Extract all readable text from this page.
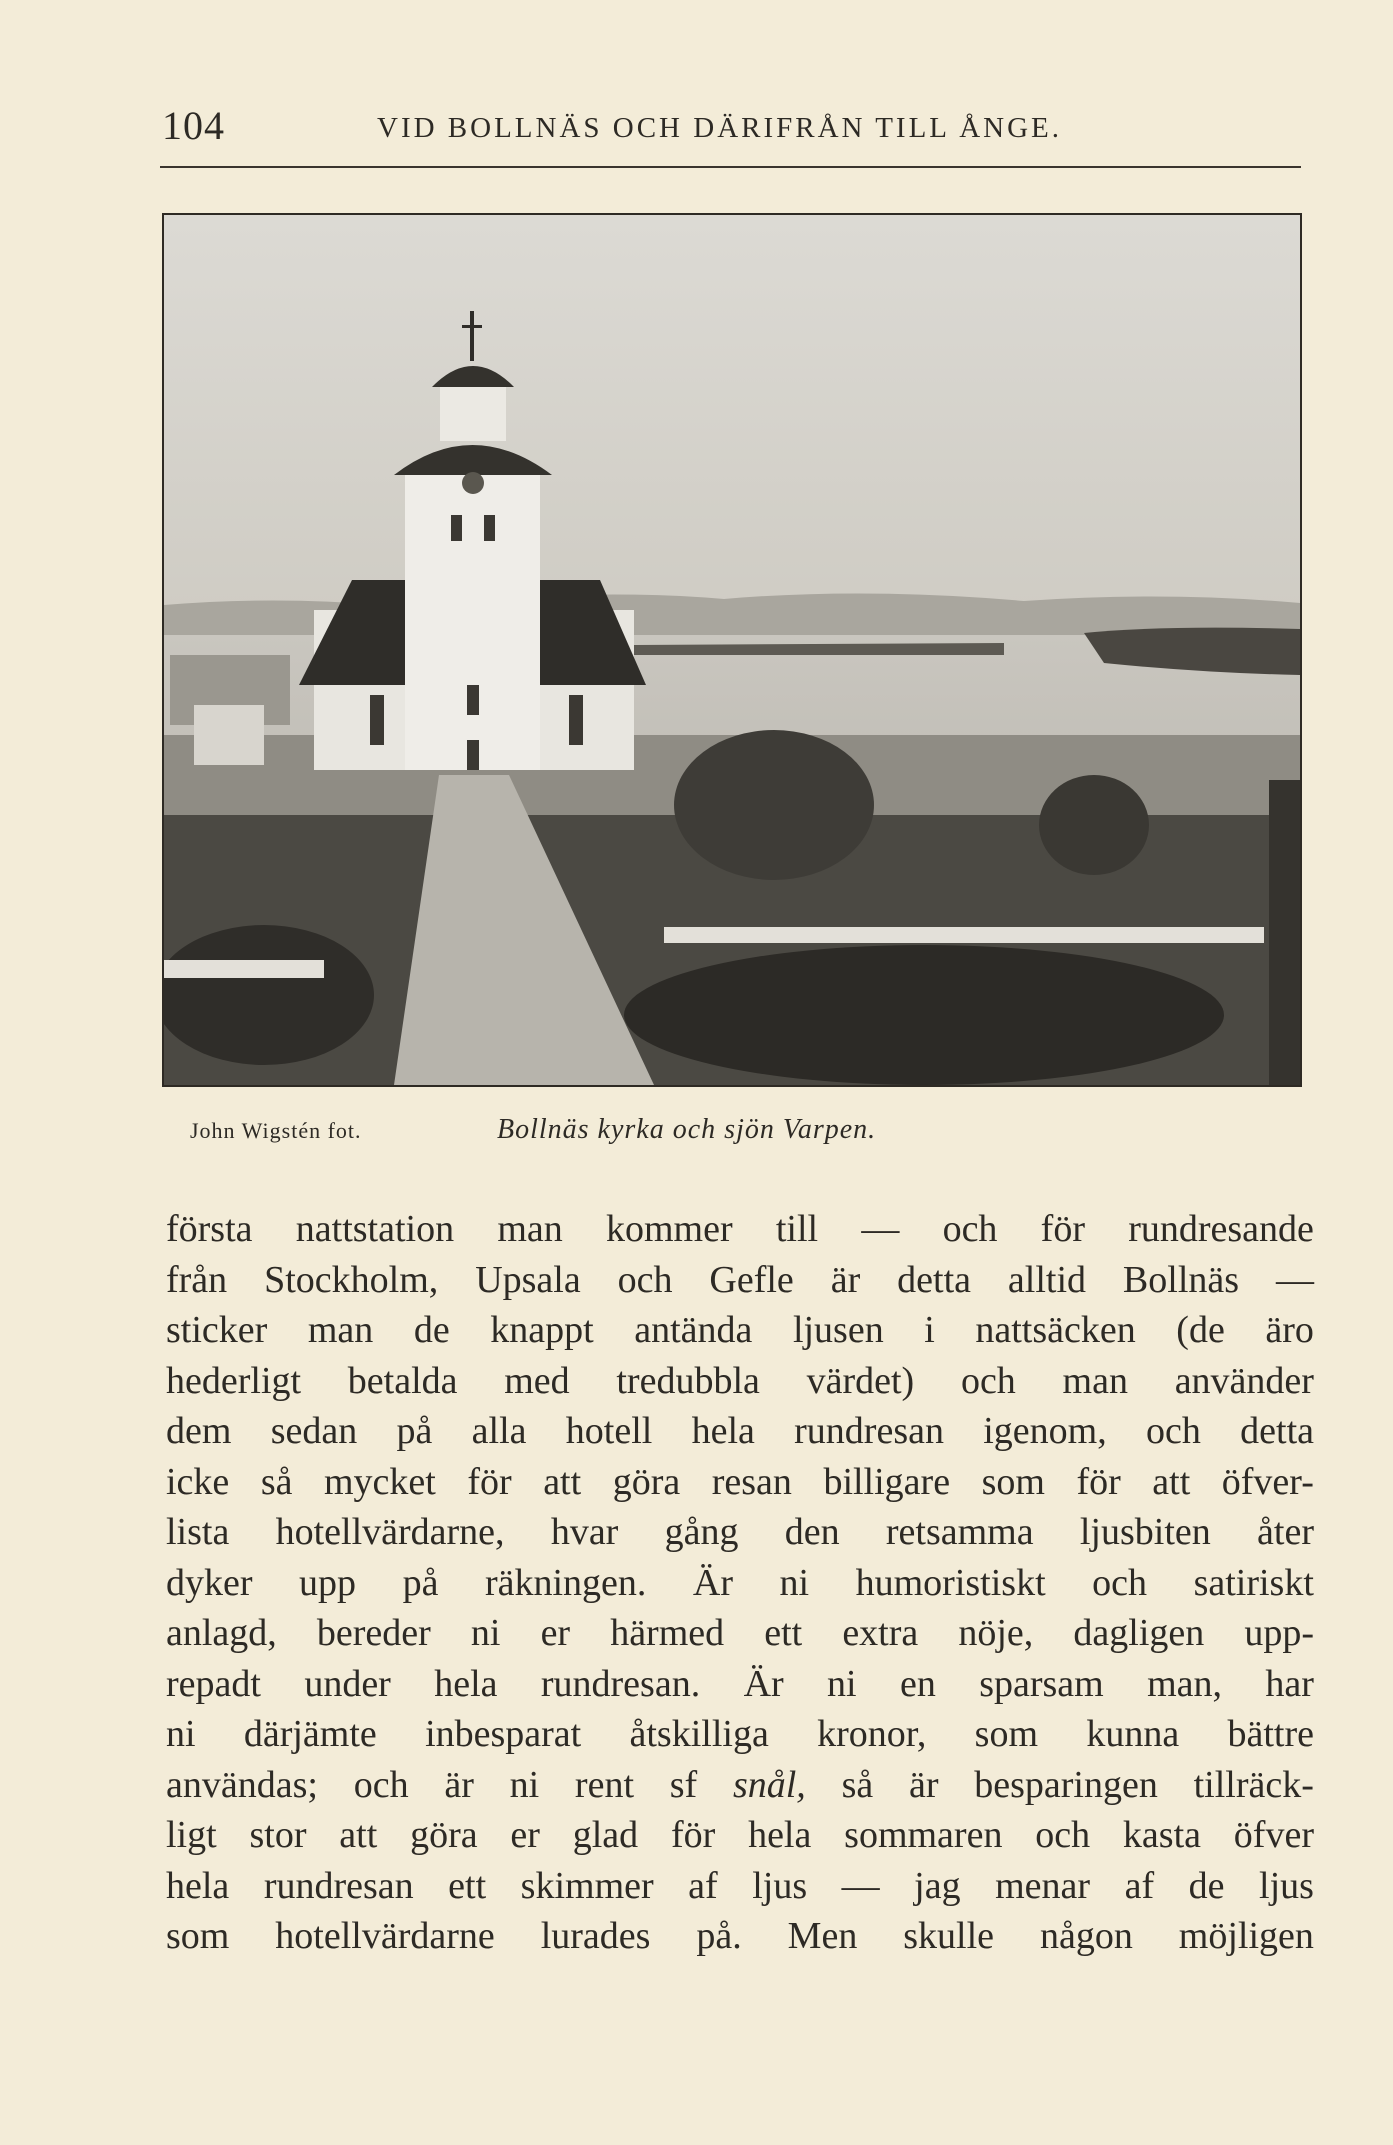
104	VID BOLLNÄS OCH DÄRIFRÅN TILL ÅNGE.
John Wigstén fot.	Bollnäs kyrka och sjön Varpen.
första nattstation man kommer till — och för rundresande
från Stockholm, Upsala och Gefle är detta alltid Bollnäs —
sticker man de knappt antända ljusen i nattsäcken (de äro
hederligt betalda med tredubbla värdet) och man använder
dem sedan på alla hotell hela rundresan igenom, och detta
icke så mycket för att göra resan billigare som för att öfver-
lista hotellvärdarne, hvar gång den retsamma ljusbiten åter
dyker upp på räkningen. Är ni humoristiskt och satiriskt
anlagd, bereder ni er härmed ett extra nöje, dagligen upp-
repadt under hela rundresan. Är ni en sparsam man, har
ni därjämte inbesparat åtskilliga kronor, som kunna bättre
användas; och är ni rent sf snål, så är besparingen tillräck-
ligt stor att göra er glad för hela sommaren och kasta öfver
hela rundresan ett skimmer af ljus — jag menar af de ljus
som hotellvärdarne lurades på. Men skulle någon möjligen
